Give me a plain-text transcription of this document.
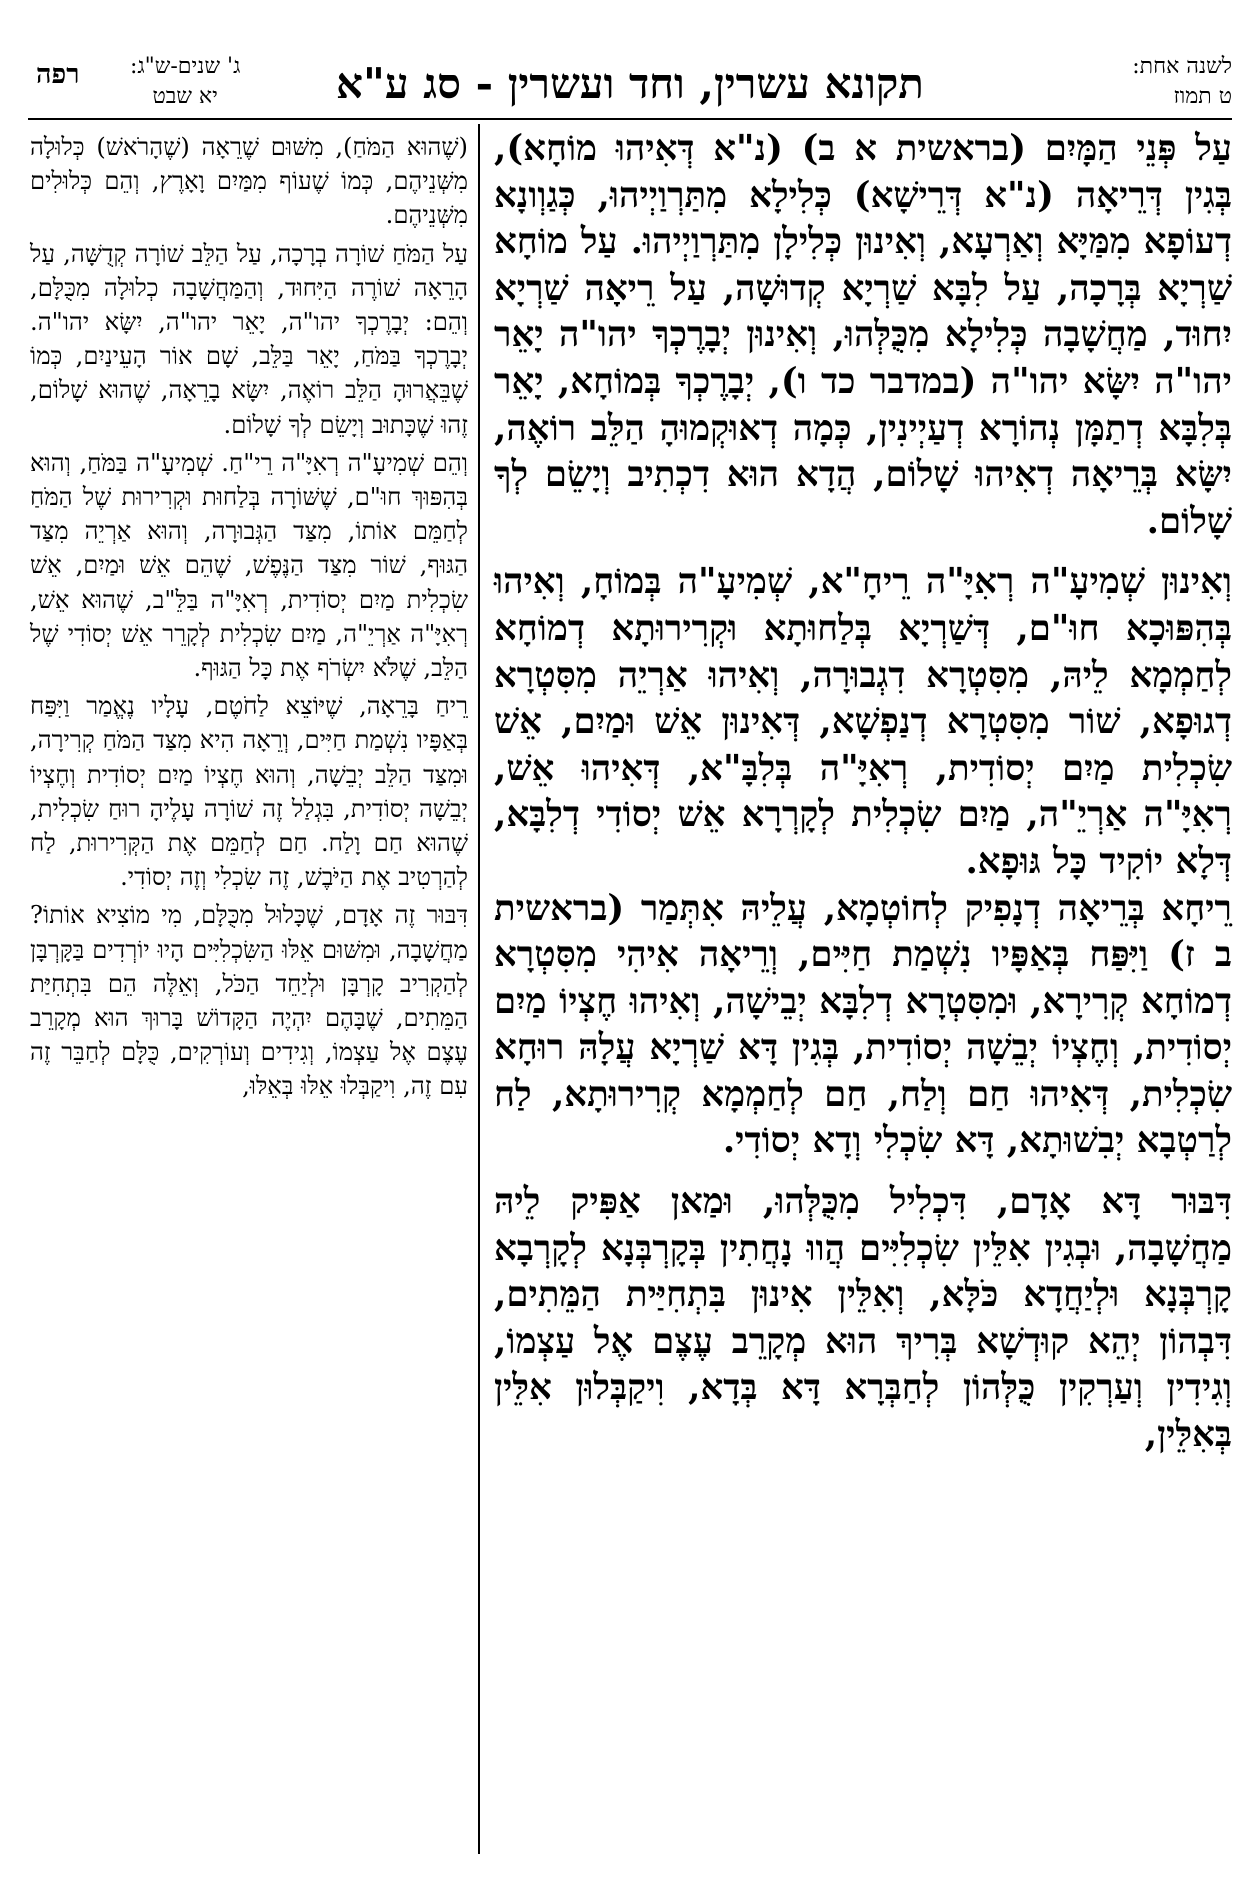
לשנה אחת:
ט תמוז
תקונא עשרין, וחד ועשרין - סג ע"א
ג' שנים-ש"ג:
יא שבט
רפה

עַל פְּנֵי הַמָּיִם (בראשית א ב) (נ"א דְּאִיהוּ מוֹחָא), בְּגִין דְּרֵיאָה (נ"א דְּרֵישָׁא) כְּלִילָא מִתַּרְוַיְיהוּ, כְּגַוְונָא דְעוֹפָא מִמַּיָּא וְאַרְעָא, וְאִינוּן כְּלִילָן מִתַּרְוַיְיהוּ. עַל מוֹחָא שַׁרְיָא בְּרָכָה, עַל לִבָּא שַׁרְיָא קְדוּשָׁה, עַל רֵיאָה שַׁרְיָא יִחוּד, מַחֲשָׁבָה כְּלִילָא מִכֻּלְּהוּ, וְאִינוּן יְבָרֶכְךָ יהו"ה יָאֵר יהו"ה יִשָּׂא יהו"ה (במדבר כד ו), יְבָרֶכְךָ בְּמוֹחָא, יָאֵר בְּלִבָּא דְתַמָּן נְהוֹרָא דְעַיְינִין, כְּמָה דְאוּקְמוּהָ הַלֵּב רוֹאֶה, יִשָּׂא בְּרֵיאָה דְאִיהוּ שָׁלוֹם, הֲדָא הוּא דִכְתִיב וְיָשֵׂם לְךָ שָׁלוֹם.

וְאִינוּן שְׁמִיעָ"ה רְאִיָּ"ה רֵיחָ"א, שְׁמִיעָ"ה בְּמוֹחָ, וְאִיהוּ בְּהִפּוּכָא חוּ"ם, דְּשַׁרְיָא בְּלַחוּתָא וּקְרִירוּתָא דְמוֹחָא לְחַמְמָא לֵיהּ, מִסִּטְרָא דִגְבוּרָה, וְאִיהוּ אַרְיֵה מִסִּטְרָא דְגוּפָא, שׁוֹר מִסִּטְרָא דְנַפְשָׁא, דְּאִינוּן אֵשׁ וּמַיִם, אֵשׁ שִׂכְלִית מַיִם יְסוֹדִית, רְאִיָּ"ה בְּלִבָּ"א, דְּאִיהוּ אֵשׁ, רְאִיָּ"ה אַרְיֵ"ה, מַיִם שִׂכְלִית לְקָרְרָא אֵשׁ יְסוֹדִי דְלִבָּא, דְּלָא יוֹקִיד כָּל גּוּפָא.

רֵיחָא בְּרֵיאָה דְנָפִיק לְחוֹטְמָא, עֲלֵיהּ אִתְּמַר (בראשית ב ז) וַיִּפַּח בְּאַפָּיו נִשְׁמַת חַיִּים, וְרֵיאָה אִיהִי מִסִּטְרָא דְמוֹחָא קְרִירָא, וּמִסִּטְרָא דְלִבָּא יְבֵישָׁה, וְאִיהוּ חֶצְיוֹ מַיִם יְסוֹדִית, וְחֶצְיוֹ יְבֵשָׁה יְסוֹדִית, בְּגִין דָּא שַׁרְיָא עֲלָהּ רוּחָא שִׂכְלִית, דְּאִיהוּ חַם וְלַח, חַם לְחַמְמָא קְרִירוּתָא, לַח לְרַטְבָא יְבִשׁוּתָא, דָּא שִׂכְלִי וְדָא יְסוֹדִי.

דִּבּוּר דָּא אָדָם, דִּכְלִיל מִכֻּלְּהוּ, וּמַאן אַפִּיק לֵיהּ מַחֲשָׁבָה, וּבְגִין אִלֵּין שִׂכְלִיִּים הֲווּ נָחֲתִין בְּקָרְבְּנָא לְקָרְבָא קָרְבְּנָא וּלְיַחֲדָא כֹּלָּא, וְאִלֵּין אִינוּן בִּתְחִיַּית הַמֵּתִים, דִּבְהוֹן יְהֵא קוּדְשָׁא בְּרִיךְ הוּא מְקָרֵב עֶצֶם אֶל עַצְמוֹ, וְגִידִין וְעַרְקִין כֻּלְּהוֹן לְחַבְּרָא דָּא בְּדָא, וִיקַבְּלוּן אִלֵּין בְּאִלֵּין,

(שֶׁהוּא הַמֹּחַ), מִשּׁוּם שֶׁרֵאָה (שֶׁהָרֹאשׁ) כְּלוּלָה מִשְּׁנֵיהֶם, כְּמוֹ שֶׁעוֹף מִמַּיִם וָאָרֶץ, וְהֵם כְּלוּלִים מִשְּׁנֵיהֶם.

עַל הַמֹּחַ שׁוֹרָה בְרָכָה, עַל הַלֵּב שׁוֹרָה קְדֻשָּׁה, עַל הָרֵאָה שׁוֹרֶה הַיִּחוּד, וְהַמַּחֲשָׁבָה כְלוּלָה מִכֻּלָּם, וְהֵם: יְבָרֶכְךָ יהו"ה, יָאֵר יהו"ה, יִשָּׂא יהו"ה. יְבָרֶכְךָ בַּמֹּחַ, יָאֵר בַּלֵּב, שָׁם אוֹר הָעֵינַיִם, כְּמוֹ שֶׁבֵּאֲרוּהָ הַלֵּב רוֹאֶה, יִשָּׂא בָרֵאָה, שֶׁהוּא שָׁלוֹם, זֶהוּ שֶׁכָּתוּב וְיָשֵׂם לְךָ שָׁלוֹם.

וְהֵם שְׁמִיעָ"ה רְאִיָּ"ה רֵי"חַ. שְׁמִיעָ"ה בַּמֹּחַ, וְהוּא בְּהִפּוּךְ חוּ"ם, שֶׁשּׁוֹרָה בְּלַחוּת וּקְרִירוּת שֶׁל הַמֹּחַ לְחַמֵּם אוֹתוֹ, מִצַּד הַגְּבוּרָה, וְהוּא אַרְיֵה מִצַּד הַגּוּף, שׁוֹר מִצַּד הַנֶּפֶשׁ, שֶׁהֵם אֵשׁ וּמַיִם, אֵשׁ שִׂכְלִית מַיִם יְסוֹדִית, רְאִיָּ"ה בַּלֵּ"ב, שֶׁהוּא אֵשׁ, רְאִיָּ"ה אַרְיֵ"ה, מַיִם שִׂכְלִית לְקָרֵר אֵשׁ יְסוֹדִי שֶׁל הַלֵּב, שֶׁלֹּא יִשְׂרֹף אֶת כָּל הַגּוּף.

רֵיחַ בָּרֵאָה, שֶׁיּוֹצֵא לַחֹטֶם, עָלָיו נֶאֱמַר וַיִּפַּח בְּאַפָּיו נִשְׁמַת חַיִּים, וְרֵאָה הִיא מִצַּד הַמֹּחַ קְרִירָה, וּמִצַּד הַלֵּב יְבֵשָׁה, וְהוּא חֶצְיוֹ מַיִם יְסוֹדִית וְחֶצְיוֹ יְבֵשָׁה יְסוֹדִית, בִּגְלַל זֶה שׁוֹרָה עָלֶיהָ רוּחַ שִׂכְלִית, שֶׁהוּא חַם וָלַח. חַם לְחַמֵּם אֶת הַקְּרִירוּת, לַח לְהַרְטִיב אֶת הַיֹּבֶשׁ, זֶה שִׂכְלִי וְזֶה יְסוֹדִי.

דִּבּוּר זֶה אָדָם, שֶׁכָּלוּל מִכֻּלָּם, מִי מוֹצִיא אוֹתוֹ? מַחֲשָׁבָה, וּמִשּׁוּם אֵלּוּ הַשִּׂכְלִיִּים הָיוּ יוֹרְדִים בַּקָּרְבָּן לְהַקְרִיב קָרְבָּן וּלְיַחֵד הַכֹּל, וְאֵלֶּה הֵם בִּתְחִיַּת הַמֵּתִים, שֶׁבָּהֶם יִהְיֶה הַקָּדוֹשׁ בָּרוּךְ הוּא מְקָרֵב עֶצֶם אֶל עַצְמוֹ, וְגִידִים וְעוֹרְקִים, כֻּלָּם לְחַבֵּר זֶה עִם זֶה, וִיקַבְּלוּ אֵלּוּ בְּאֵלּוּ,
